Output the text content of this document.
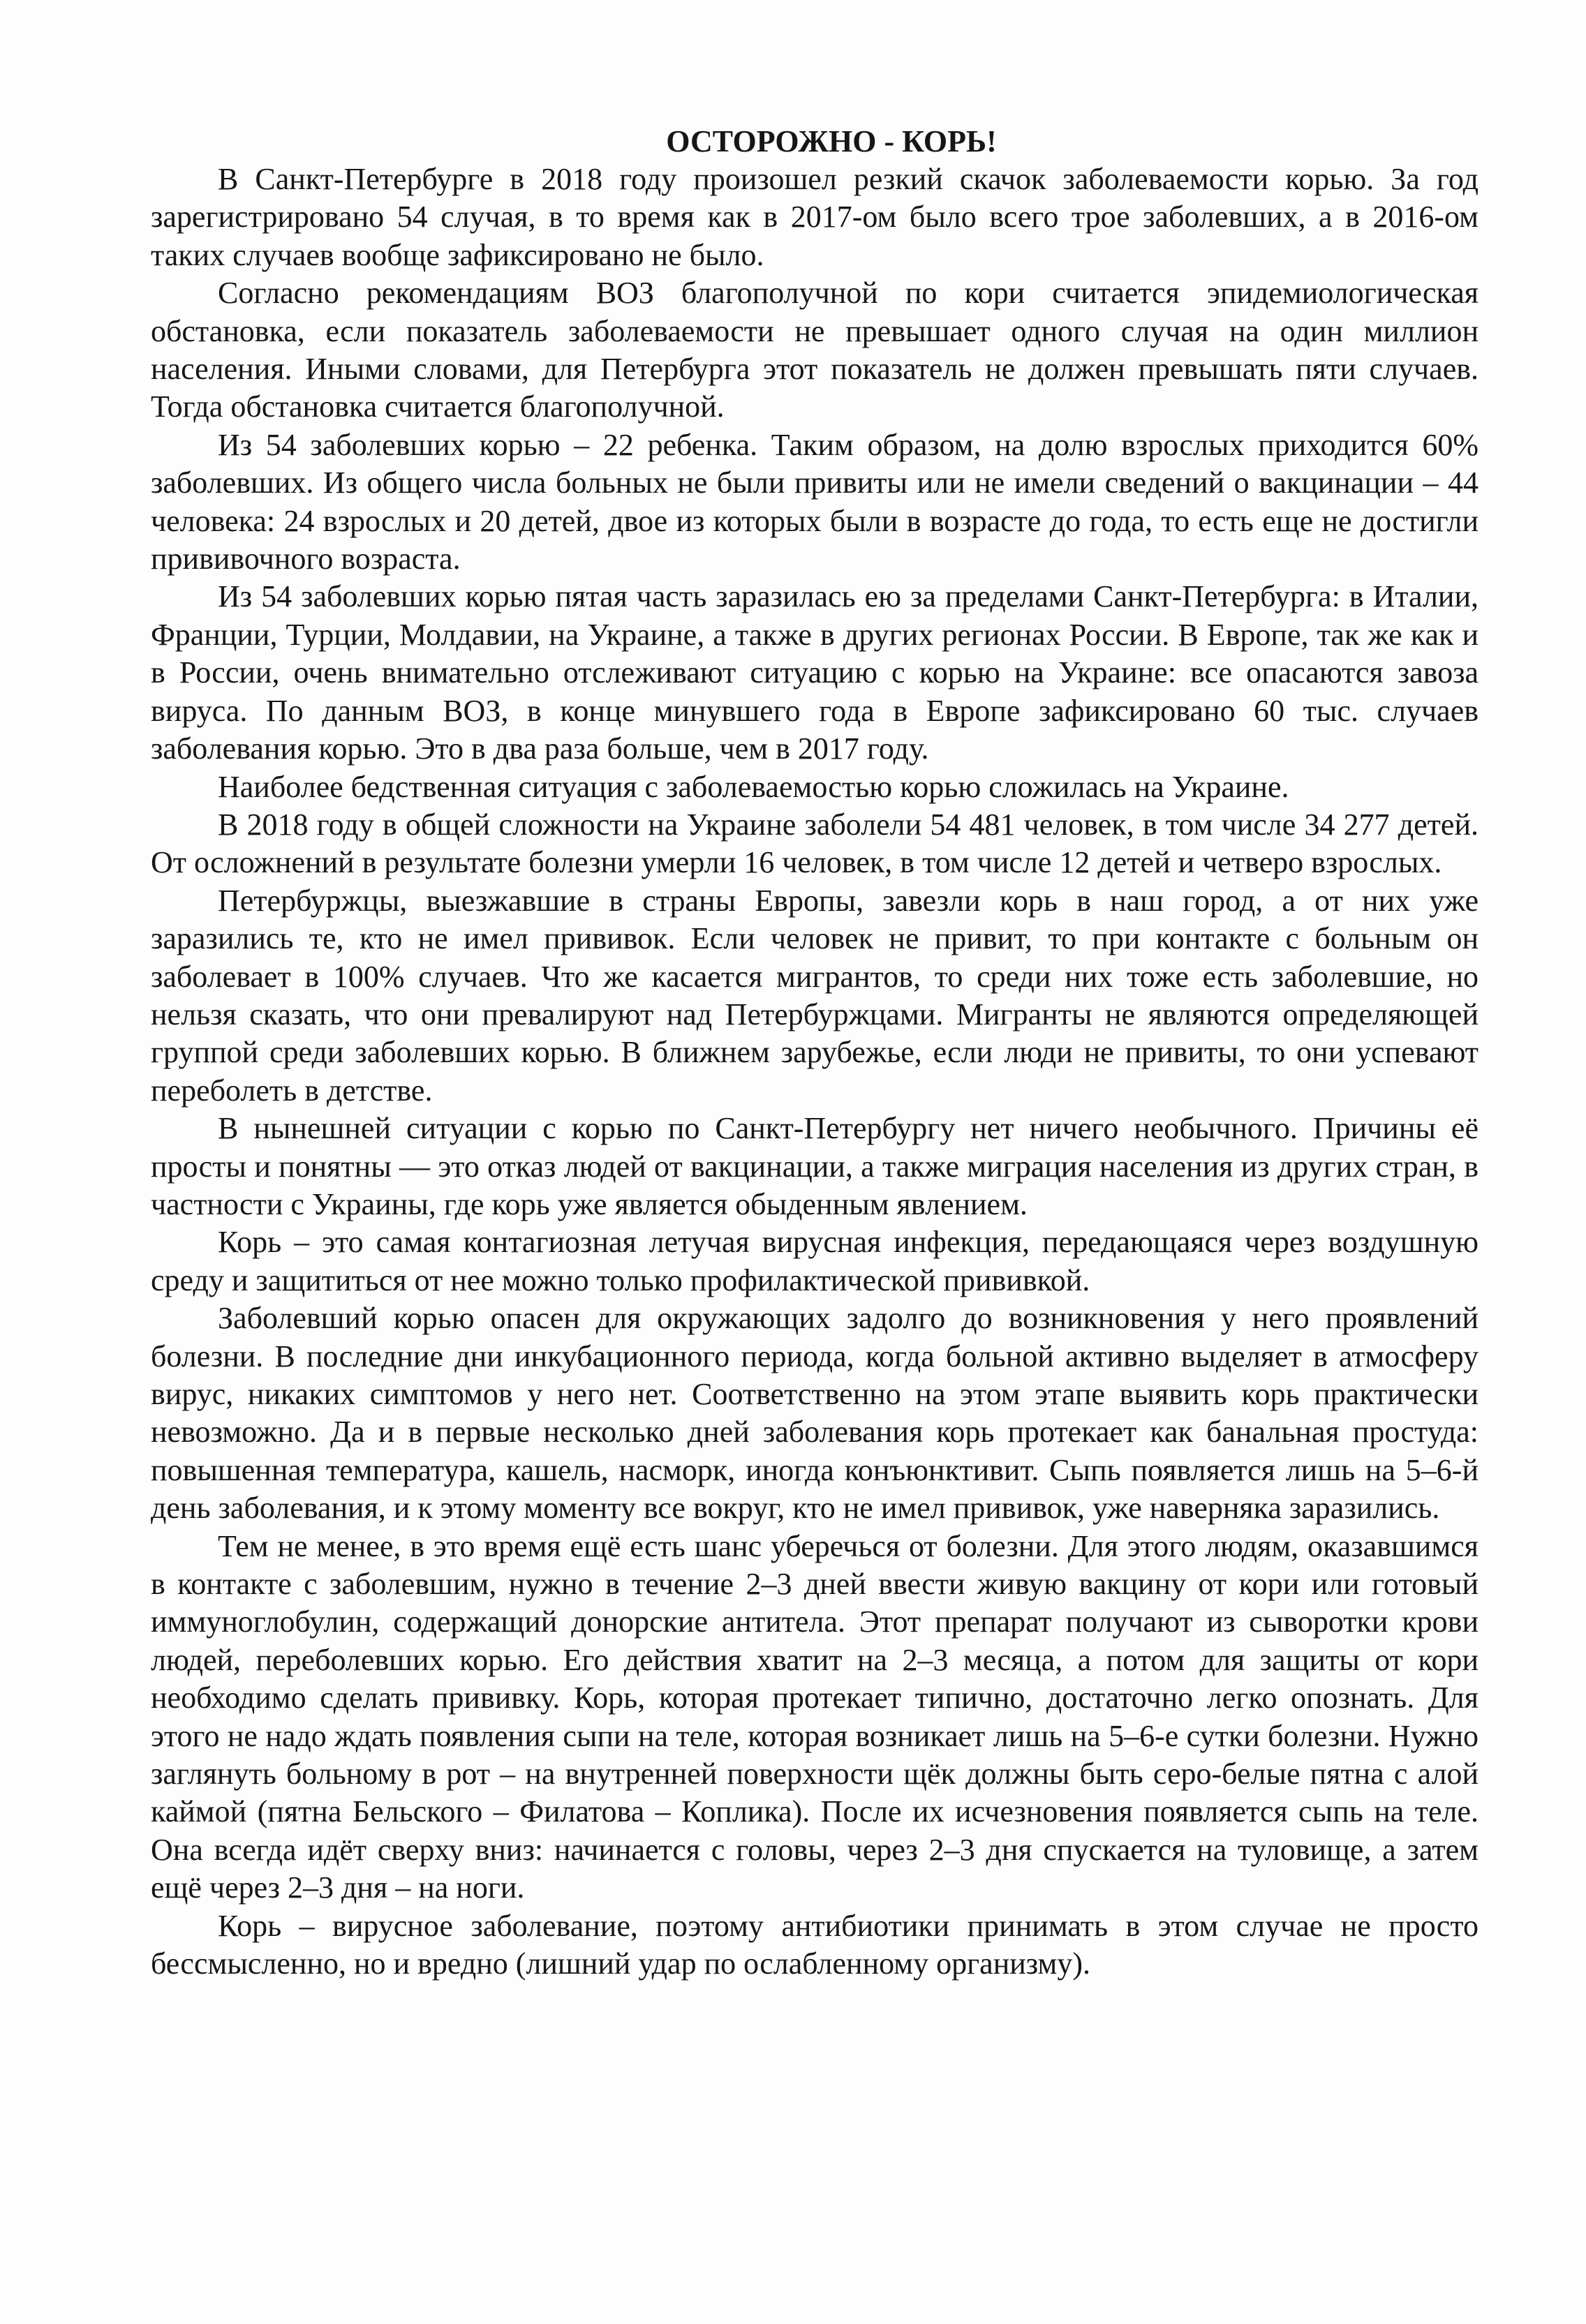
ОСТОРОЖНО - КОРЬ!

В Санкт-Петербурге в 2018 году произошел резкий скачок заболеваемости корью. За год зарегистрировано 54 случая, в то время как в 2017-ом было всего трое заболевших, а в 2016-ом таких случаев вообще зафиксировано не было.

Согласно рекомендациям ВОЗ благополучной по кори считается эпидемиологическая обстановка, если показатель заболеваемости не превышает одного случая на один миллион населения. Иными словами, для Петербурга этот показатель не должен превышать пяти случаев. Тогда обстановка считается благополучной.

Из 54 заболевших корью – 22 ребенка. Таким образом, на долю взрослых приходится 60% заболевших. Из общего числа больных не были привиты или не имели сведений о вакцинации – 44 человека: 24 взрослых и 20 детей, двое из которых были в возрасте до года, то есть еще не достигли прививочного возраста.

Из 54 заболевших корью пятая часть заразилась ею за пределами Санкт-Петербурга: в Италии, Франции, Турции, Молдавии, на Украине, а также в других регионах России. В Европе, так же как и в России, очень внимательно отслеживают ситуацию с корью на Украине: все опасаются завоза вируса. По данным ВОЗ, в конце минувшего года в Европе зафиксировано 60 тыс. случаев заболевания корью. Это в два раза больше, чем в 2017 году.

Наиболее бедственная ситуация с заболеваемостью корью сложилась на Украине.

В 2018 году в общей сложности на Украине заболели 54 481 человек, в том числе 34 277 детей. От осложнений в результате болезни умерли 16 человек, в том числе 12 детей и четверо взрослых.

Петербуржцы, выезжавшие в страны Европы, завезли корь в наш город, а от них уже заразились те, кто не имел прививок. Если человек не привит, то при контакте с больным он заболевает в 100% случаев. Что же касается мигрантов, то среди них тоже есть заболевшие, но нельзя сказать, что они превалируют над Петербуржцами. Мигранты не являются определяющей группой среди заболевших корью. В ближнем зарубежье, если люди не привиты, то они успевают переболеть в детстве.

В нынешней ситуации с корью по Санкт-Петербургу нет ничего необычного. Причины её просты и понятны — это отказ людей от вакцинации, а также миграция населения из других стран, в частности с Украины, где корь уже является обыденным явлением.

Корь – это самая контагиозная летучая вирусная инфекция, передающаяся через воздушную среду и защититься от нее можно только профилактической прививкой.

Заболевший корью опасен для окружающих задолго до возникновения у него проявлений болезни. В последние дни инкубационного периода, когда больной активно выделяет в атмосферу вирус, никаких симптомов у него нет. Соответственно на этом этапе выявить корь практически невозможно. Да и в первые несколько дней заболевания корь протекает как банальная простуда: повышенная температура, кашель, насморк, иногда конъюнктивит. Сыпь появляется лишь на 5–6-й день заболевания, и к этому моменту все вокруг, кто не имел прививок, уже наверняка заразились.

Тем не менее, в это время ещё есть шанс уберечься от болезни. Для этого людям, оказавшимся в контакте с заболевшим, нужно в течение 2–3 дней ввести живую вакцину от кори или готовый иммуноглобулин, содержащий донорские антитела. Этот препарат получают из сыворотки крови людей, переболевших корью. Его действия хватит на 2–3 месяца, а потом для защиты от кори необходимо сделать прививку. Корь, которая протекает типично, достаточно легко опознать. Для этого не надо ждать появления сыпи на теле, которая возникает лишь на 5–6-е сутки болезни. Нужно заглянуть больному в рот – на внутренней поверхности щёк должны быть серо-белые пятна с алой каймой (пятна Бельского – Филатова – Коплика). После их исчезновения появляется сыпь на теле. Она всегда идёт сверху вниз: начинается с головы, через 2–3 дня спускается на туловище, а затем ещё через 2–3 дня – на ноги.

Корь – вирусное заболевание, поэтому антибиотики принимать в этом случае не просто бессмысленно, но и вредно (лишний удар по ослабленному организму).
